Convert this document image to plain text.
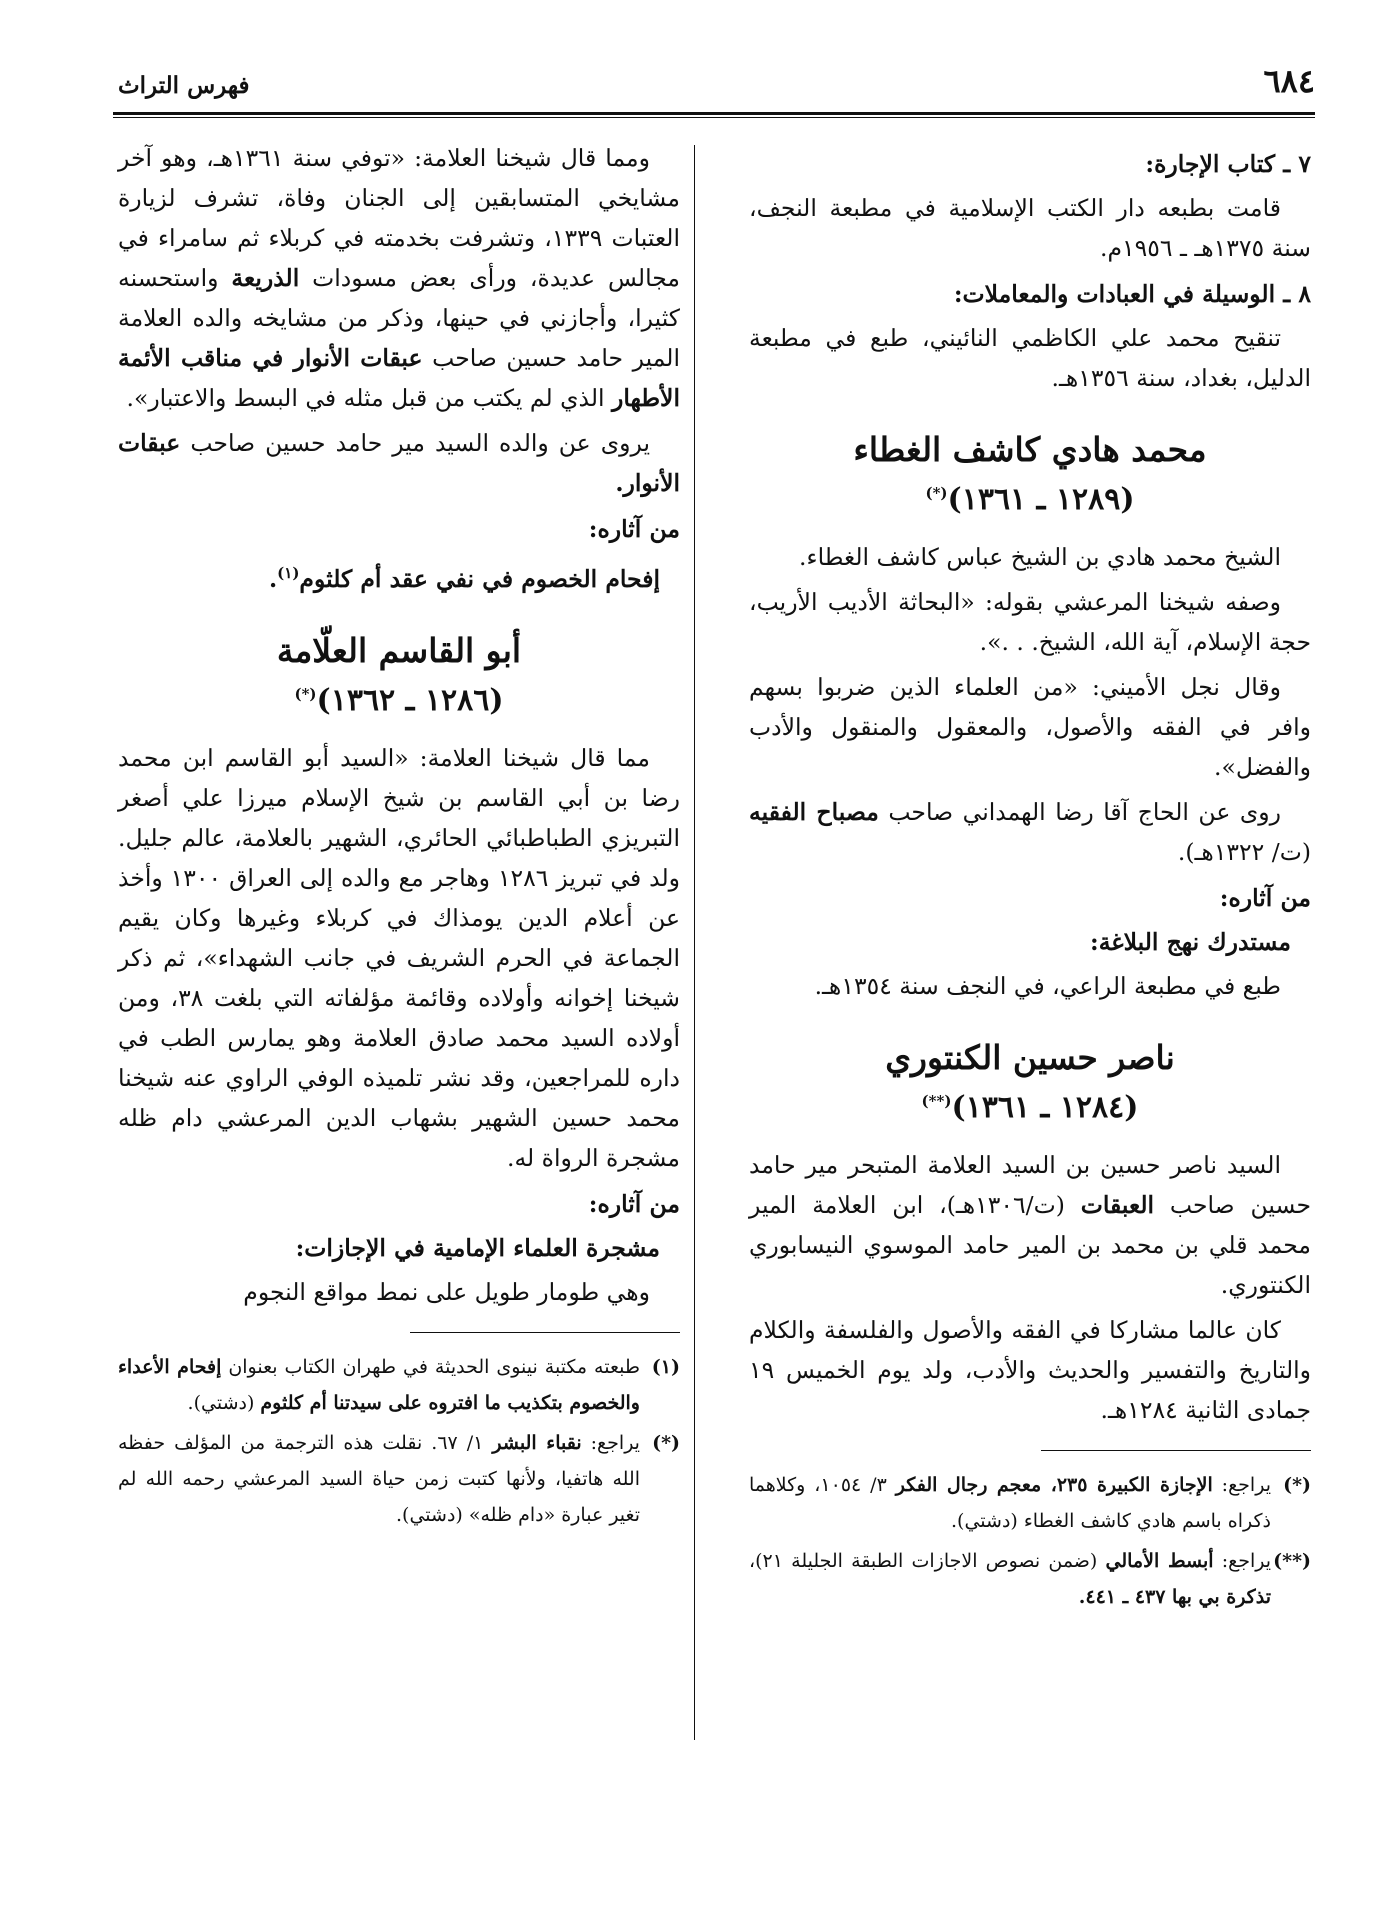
٦٨٤
فهرس التراث

٧ ـ كتاب الإجارة:

قامت بطبعه دار الكتب الإسلامية في مطبعة النجف، سنة ١٣٧٥هـ ـ ١٩٥٦م.

٨ ـ الوسيلة في العبادات والمعاملات:

تنقيح محمد علي الكاظمي النائيني، طبع في مطبعة الدليل، بغداد، سنة ١٣٥٦هـ.

محمد هادي كاشف الغطاء
(١٢٨٩ ـ ١٣٦١)(*)

الشيخ محمد هادي بن الشيخ عباس كاشف الغطاء.

وصفه شيخنا المرعشي بقوله: «البحاثة الأديب الأريب، حجة الإسلام، آية الله، الشيخ. . .».

وقال نجل الأميني: «من العلماء الذين ضربوا بسهم وافر في الفقه والأصول، والمعقول والمنقول والأدب والفضل».

روى عن الحاج آقا رضا الهمداني صاحب مصباح الفقيه (ت/ ١٣٢٢هـ).

من آثاره:

مستدرك نهج البلاغة:

طبع في مطبعة الراعي، في النجف سنة ١٣٥٤هـ.

ناصر حسين الكنتوري
(١٢٨٤ ـ ١٣٦١)(**)

السيد ناصر حسين بن السيد العلامة المتبحر مير حامد حسين صاحب العبقات (ت/١٣٠٦هـ)، ابن العلامة المير محمد قلي بن محمد بن المير حامد الموسوي النيسابوري الكنتوري.

كان عالما مشاركا في الفقه والأصول والفلسفة والكلام والتاريخ والتفسير والحديث والأدب، ولد يوم الخميس ١٩ جمادى الثانية ١٢٨٤هـ.

(*)
يراجع: الإجازة الكبيرة ٢٣٥، معجم رجال الفكر ٣/ ١٠٥٤، وكلاهما ذكراه باسم هادي كاشف الغطاء (دشتي).
(**)
يراجع: أبسط الأمالي (ضمن نصوص الاجازات الطبقة الجليلة ٢١)، تذكرة بي بها ٤٣٧ ـ ٤٤١.

ومما قال شيخنا العلامة: «توفي سنة ١٣٦١هـ، وهو آخر مشايخي المتسابقين إلى الجنان وفاة، تشرف لزيارة العتبات ١٣٣٩، وتشرفت بخدمته في كربلاء ثم سامراء في مجالس عديدة، ورأى بعض مسودات الذريعة واستحسنه كثيرا، وأجازني في حينها، وذكر من مشايخه والده العلامة المير حامد حسين صاحب عبقات الأنوار في مناقب الأئمة الأطهار الذي لم يكتب من قبل مثله في البسط والاعتبار».

يروى عن والده السيد مير حامد حسين صاحب عبقات الأنوار.

من آثاره:

إفحام الخصوم في نفي عقد أم كلثوم$^{(١)}$.

أبو القاسم العلّامة
(١٢٨٦ ـ ١٣٦٢)(*)

مما قال شيخنا العلامة: «السيد أبو القاسم ابن محمد رضا بن أبي القاسم بن شيخ الإسلام ميرزا علي أصغر التبريزي الطباطبائي الحائري، الشهير بالعلامة، عالم جليل. ولد في تبريز ١٢٨٦ وهاجر مع والده إلى العراق ١٣٠٠ وأخذ عن أعلام الدين يومذاك في كربلاء وغيرها وكان يقيم الجماعة في الحرم الشريف في جانب الشهداء»، ثم ذكر شيخنا إخوانه وأولاده وقائمة مؤلفاته التي بلغت ٣٨، ومن أولاده السيد محمد صادق العلامة وهو يمارس الطب في داره للمراجعين، وقد نشر تلميذه الوفي الراوي عنه شيخنا محمد حسين الشهير بشهاب الدين المرعشي دام ظله مشجرة الرواة له.

من آثاره:

مشجرة العلماء الإمامية في الإجازات:

وهي طومار طويل على نمط مواقع النجوم

(١)
طبعته مكتبة نينوى الحديثة في طهران الكتاب بعنوان إفحام الأعداء والخصوم بتكذيب ما افتروه على سيدتنا أم كلثوم (دشتي).
(*)
يراجع: نقباء البشر ١/ ٦٧. نقلت هذه الترجمة من المؤلف حفظه الله هاتفيا، ولأنها كتبت زمن حياة السيد المرعشي رحمه الله لم تغير عبارة «دام ظله» (دشتي).
